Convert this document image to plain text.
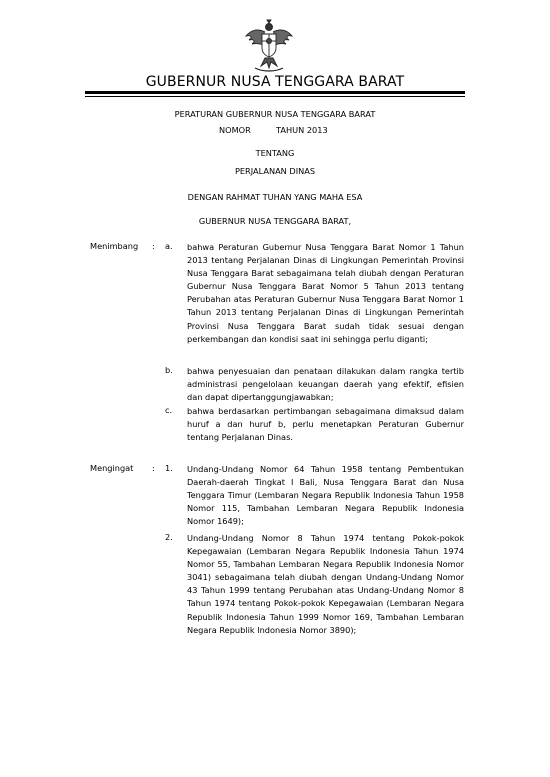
GUBERNUR NUSA TENGGARA BARAT
PERATURAN GUBERNUR NUSA TENGGARA BARAT
NOMOR	TAHUN 2013
TENTANG
PERJALANAN DINAS
DENGAN RAHMAT TUHAN YANG MAHA ESA
GUBERNUR NUSA TENGGARA BARAT,
Menimbang : a. bahwa Peraturan Gubernur Nusa Tenggara Barat Nomor 1 Tahun 2013 tentang Perjalanan Dinas di Lingkungan Pemerintah Provinsi Nusa Tenggara Barat sebagaimana telah diubah dengan Peraturan Gubernur Nusa Tenggara Barat Nomor 5 Tahun 2013 tentang Perubahan atas Peraturan Gubernur Nusa Tenggara Barat Nomor 1 Tahun 2013 tentang Perjalanan Dinas di Lingkungan Pemerintah Provinsi Nusa Tenggara Barat sudah tidak sesuai dengan perkembangan dan kondisi saat ini sehingga perlu diganti;
b. bahwa penyesuaian dan penataan dilakukan dalam rangka tertib administrasi pengelolaan keuangan daerah yang efektif, efisien dan dapat dipertanggungjawabkan;
c. bahwa berdasarkan pertimbangan sebagaimana dimaksud dalam huruf a dan huruf b, perlu menetapkan Peraturan Gubernur tentang Perjalanan Dinas.
Mengingat : 1. Undang-Undang Nomor 64 Tahun 1958 tentang Pembentukan Daerah-daerah Tingkat I Bali, Nusa Tenggara Barat dan Nusa Tenggara Timur (Lembaran Negara Republik Indonesia Tahun 1958 Nomor 115, Tambahan Lembaran Negara Republik Indonesia Nomor 1649);
2. Undang-Undang Nomor 8 Tahun 1974 tentang Pokok-pokok Kepegawaian (Lembaran Negara Republik Indonesia Tahun 1974 Nomor 55, Tambahan Lembaran Negara Republik Indonesia Nomor 3041) sebagaimana telah diubah dengan Undang-Undang Nomor 43 Tahun 1999 tentang Perubahan atas Undang-Undang Nomor 8 Tahun 1974 tentang Pokok-pokok Kepegawaian (Lembaran Negara Republik Indonesia Tahun 1999 Nomor 169, Tambahan Lembaran Negara Republik Indonesia Nomor 3890);
